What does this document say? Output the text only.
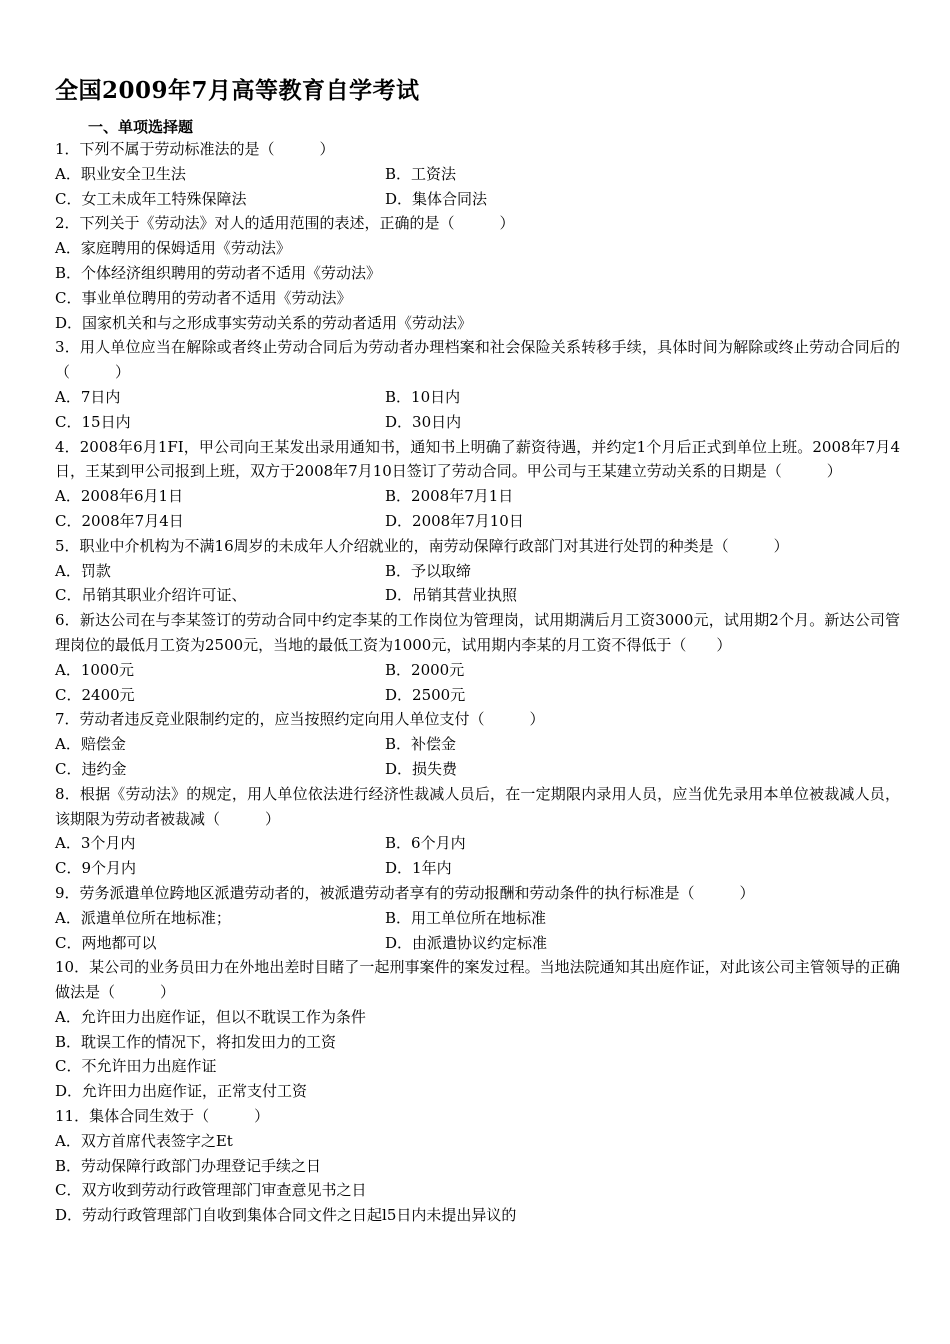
全国2009年7月高等教育自学考试
一、单项选择题
1．下列不属于劳动标准法的是（　　　）
A．职业安全卫生法	B．工资法
C．女工未成年工特殊保障法	D．集体合同法
2．下列关于《劳动法》对人的适用范围的表述，正确的是（　　　）
A．家庭聘用的保姆适用《劳动法》
B．个体经济组织聘用的劳动者不适用《劳动法》
C．事业单位聘用的劳动者不适用《劳动法》
D．国家机关和与之形成事实劳动关系的劳动者适用《劳动法》
3．用人单位应当在解除或者终止劳动合同后为劳动者办理档案和社会保险关系转移手续，具体时间为解除或终止劳动合同后的（　　　）
A．7日内	B．10日内
C．15日内	D．30日内
4．2008年6月1FI，甲公司向王某发出录用通知书，通知书上明确了薪资待遇，并约定1个月后正式到单位上班。2008年7月4日，王某到甲公司报到上班，双方于2008年7月10日签订了劳动合同。甲公司与王某建立劳动关系的日期是（　　　）
A．2008年6月1日	B．2008年7月1日
C．2008年7月4日	D．2008年7月10日
5．职业中介机构为不满16周岁的未成年人介绍就业的，南劳动保障行政部门对其进行处罚的种类是（　　　）
A．罚款	B．予以取缔
C．吊销其职业介绍许可证、	D．吊销其营业执照
6．新达公司在与李某签订的劳动合同中约定李某的工作岗位为管理岗，试用期满后月工资3000元，试用期2个月。新达公司管理岗位的最低月工资为2500元，当地的最低工资为1000元，试用期内李某的月工资不得低于（　　）
A．1000元	B．2000元
C．2400元	D．2500元
7．劳动者违反竞业限制约定的，应当按照约定向用人单位支付（　　　）
A．赔偿金	B．补偿金
C．违约金	D．损失费
8．根据《劳动法》的规定，用人单位依法进行经济性裁减人员后，在一定期限内录用人员，应当优先录用本单位被裁减人员，该期限为劳动者被裁减（　　　）
A．3个月内	B．6个月内
C．9个月内	D．1年内
9．劳务派遣单位跨地区派遣劳动者的，被派遣劳动者享有的劳动报酬和劳动条件的执行标准是（　　　）
A．派遣单位所在地标准；	B．用工单位所在地标准
C．两地都可以	D．由派遣协议约定标准
10．某公司的业务员田力在外地出差时目睹了一起刑事案件的案发过程。当地法院通知其出庭作证，对此该公司主管领导的正确做法是（　　　）
A．允许田力出庭作证，但以不耽误工作为条件
B．耽误工作的情况下，将扣发田力的工资
C．不允许田力出庭作证
D．允许田力出庭作证，正常支付工资
11．集体合同生效于（　　　）
A．双方首席代表签字之Et
B．劳动保障行政部门办理登记手续之日
C．双方收到劳动行政管理部门审查意见书之日
D．劳动行政管理部门自收到集体合同文件之日起l5日内未提出异议的
